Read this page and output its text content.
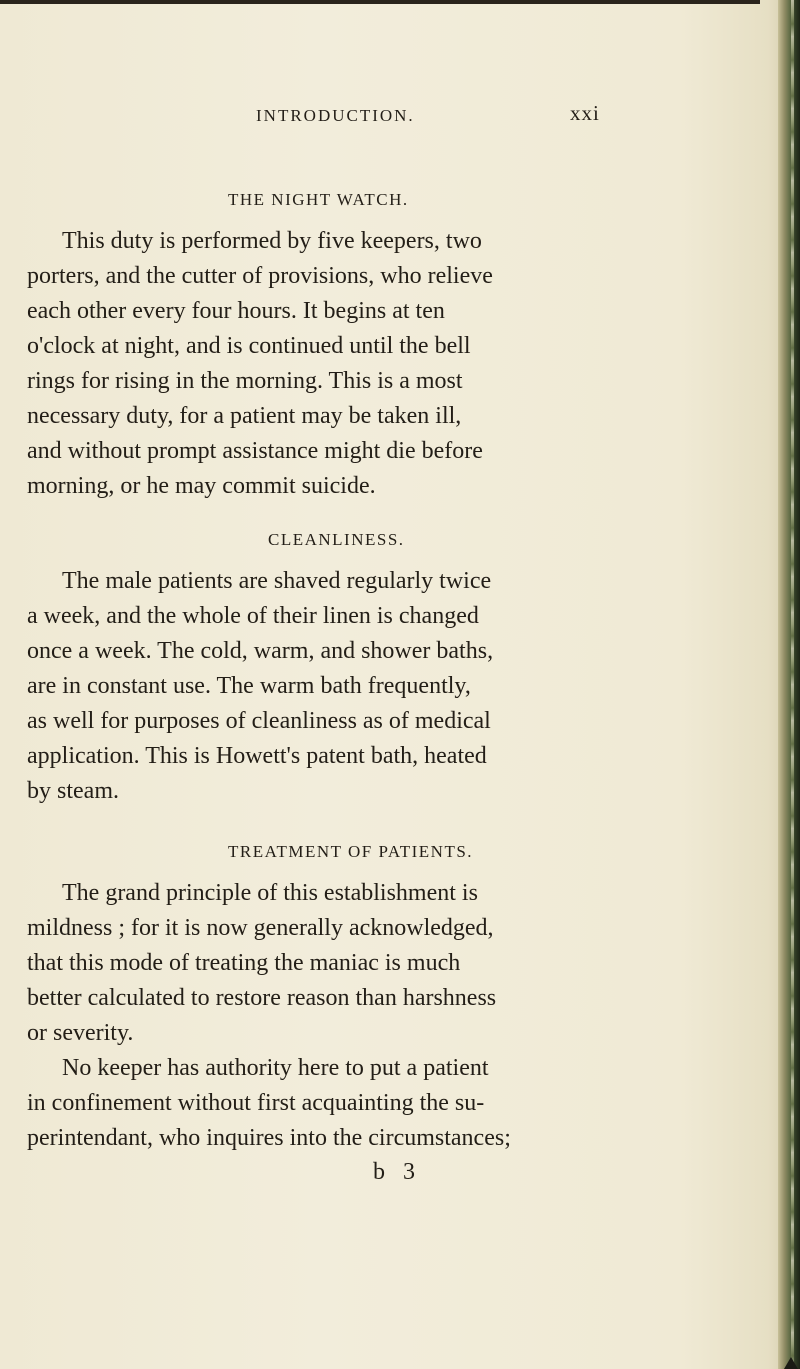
INTRODUCTION.	xxi
THE NIGHT WATCH.
This duty is performed by five keepers, two
porters, and the cutter of provisions, who relieve
each other every four hours. It begins at ten
o'clock at night, and is continued until the bell
rings for rising in the morning. This is a most
necessary duty, for a patient may be taken ill,
and without prompt assistance might die before
morning, or he may commit suicide.
CLEANLINESS.
The male patients are shaved regularly twice
a week, and the whole of their linen is changed
once a week. The cold, warm, and shower baths,
are in constant use. The warm bath frequently,
as well for purposes of cleanliness as of medical
application. This is Howett's patent bath, heated
by steam.
TREATMENT OF PATIENTS.
The grand principle of this establishment is
mildness ; for it is now generally acknowledged,
that this mode of treating the maniac is much
better calculated to restore reason than harshness
or severity.
No keeper has authority here to put a patient
in confinement without first acquainting the su-
perintendant, who inquires into the circumstances;
b 3
